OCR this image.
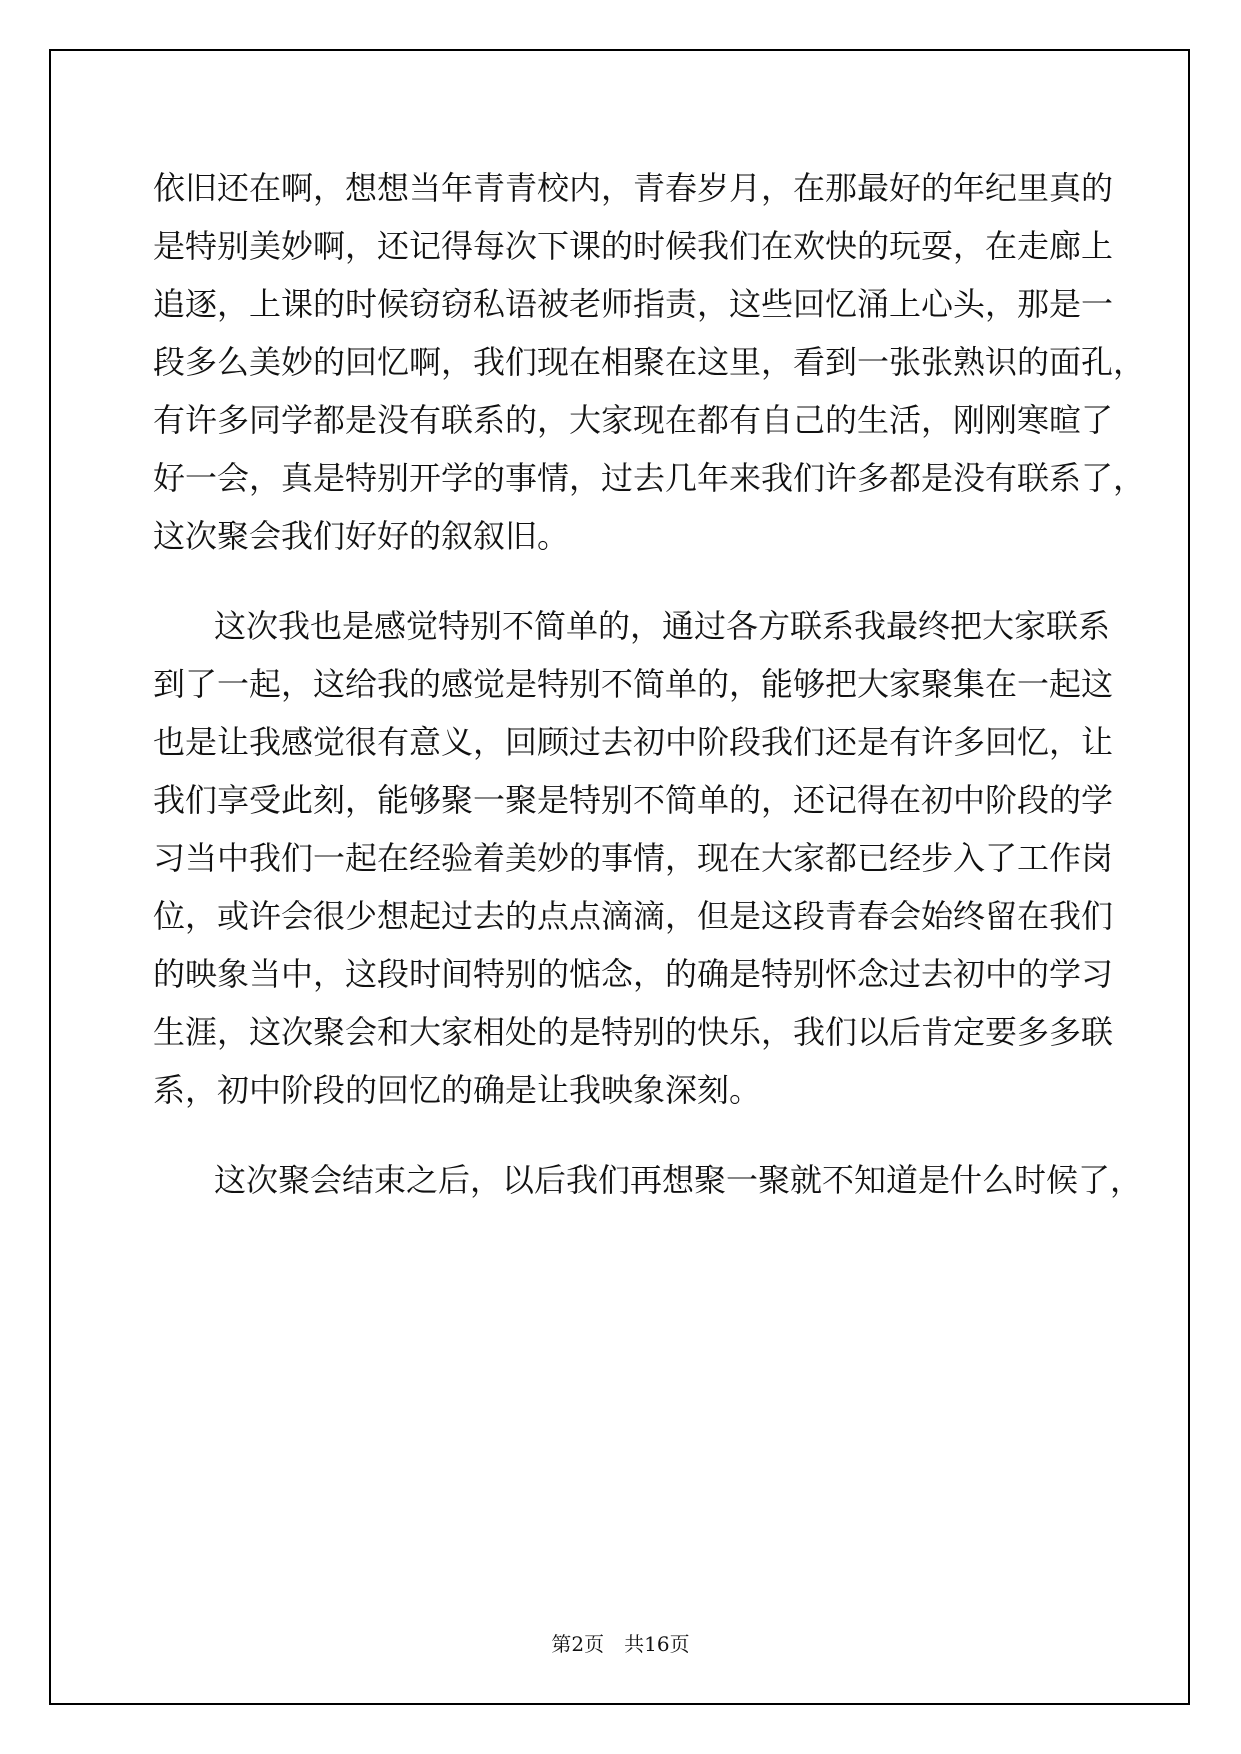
依旧还在啊，想想当年青青校内，青春岁月，在那最好的年纪里真的

是特别美妙啊，还记得每次下课的时候我们在欢快的玩耍，在走廊上

追逐，上课的时候窃窃私语被老师指责，这些回忆涌上心头，那是一

段多么美妙的回忆啊，我们现在相聚在这里，看到一张张熟识的面孔，

有许多同学都是没有联系的，大家现在都有自己的生活，刚刚寒暄了

好一会，真是特别开学的事情，过去几年来我们许多都是没有联系了，

这次聚会我们好好的叙叙旧。

这次我也是感觉特别不简单的，通过各方联系我最终把大家联系

到了一起，这给我的感觉是特别不简单的，能够把大家聚集在一起这

也是让我感觉很有意义，回顾过去初中阶段我们还是有许多回忆，让

我们享受此刻，能够聚一聚是特别不简单的，还记得在初中阶段的学

习当中我们一起在经验着美妙的事情，现在大家都已经步入了工作岗

位，或许会很少想起过去的点点滴滴，但是这段青春会始终留在我们

的映象当中，这段时间特别的惦念，的确是特别怀念过去初中的学习

生涯，这次聚会和大家相处的是特别的快乐，我们以后肯定要多多联

系，初中阶段的回忆的确是让我映象深刻。

这次聚会结束之后，以后我们再想聚一聚就不知道是什么时候了，

第2页　共16页
